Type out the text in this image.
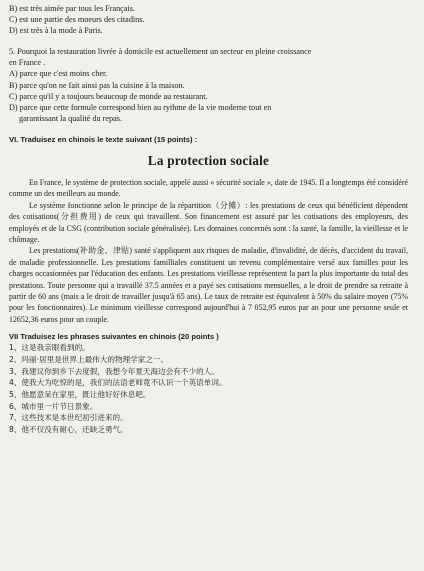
B) est très aimée par tous les Français.
C) est une partie des moeurs des citadins.
D) est très à la mode à Paris.
5. Pourquoi la restauration livrée à domicile est actuellement un secteur en pleine croissance
en France .
A) parce que c'est moins cher.
B) parce qu'on ne fait ainsi pas la cuisine à la maison.
C) parce qu'il y a toujours beaucoup de monde au restaurant.
D) parce que cette formule correspond bien au rythme de la vie moderne tout en
garantissant la qualité du repas.
VI. Traduisez en chinois le texte suivant (15 points) :
La protection sociale

En France, le système de protection sociale, appelé aussi « sécurité sociale », date de 1945. Il a longtemps été considéré comme un des meilleurs au monde.

Le système fonctionne selon le principe de la répartition（分摊）: les prestations de ceux qui bénéficient dépendent des cotisations(分担费用) de ceux qui travaillent. Son financement est assuré par les cotisations des employeurs, des employés et de la CSG (contribution sociale généralisée). Les domaines concernés sont : la santé, la famille, la vieillesse et le chômage.

Les prestations(补助金、津贴) santé s'appliquent aux risques de maladie, d'invalidité, de décès, d'accident du travail, de maladie professionnelle. Les prestations familliales constituent un revenu complémentaire versé aux familles pour les charges occasionnées par l'éducation des enfants. Les prestations vieillesse représentent la part la plus importante du total des prestations. Toute personne qui a travaillé 37.5 années et a payé ses cotisations mensuelles, a le droit de prendre sa retraite à partir de 60 ans (mais a le droit de travailler jusqu'à 65 ans). Le taux de retraite est équivalent à 50% du salaire moyen (75% pour les fonctionnaires). Le minimum vieillesse correspond aujourd'hui à 7 052,95 euros par an pour une personne seule et 12652,36 euros pour un couple.

VII Traduisez les phrases suivantes en chinois (20 points )
1、这是我亲眼看到的。
2、玛丽·居里是世界上最伟大的物理学家之一。
3、我建议你到乡下去度假，我想今年夏天海边会有不少的人。
4、使我大为吃惊的是，我们的法语老师竟不认识一个英语单词。
5、他愿意呆在家里，既让他好好休息吧。
6、城市里一片节日景象。
7、这些技术是本世纪初引进来的。
8、他不仅没有耐心，还缺乏勇气。
